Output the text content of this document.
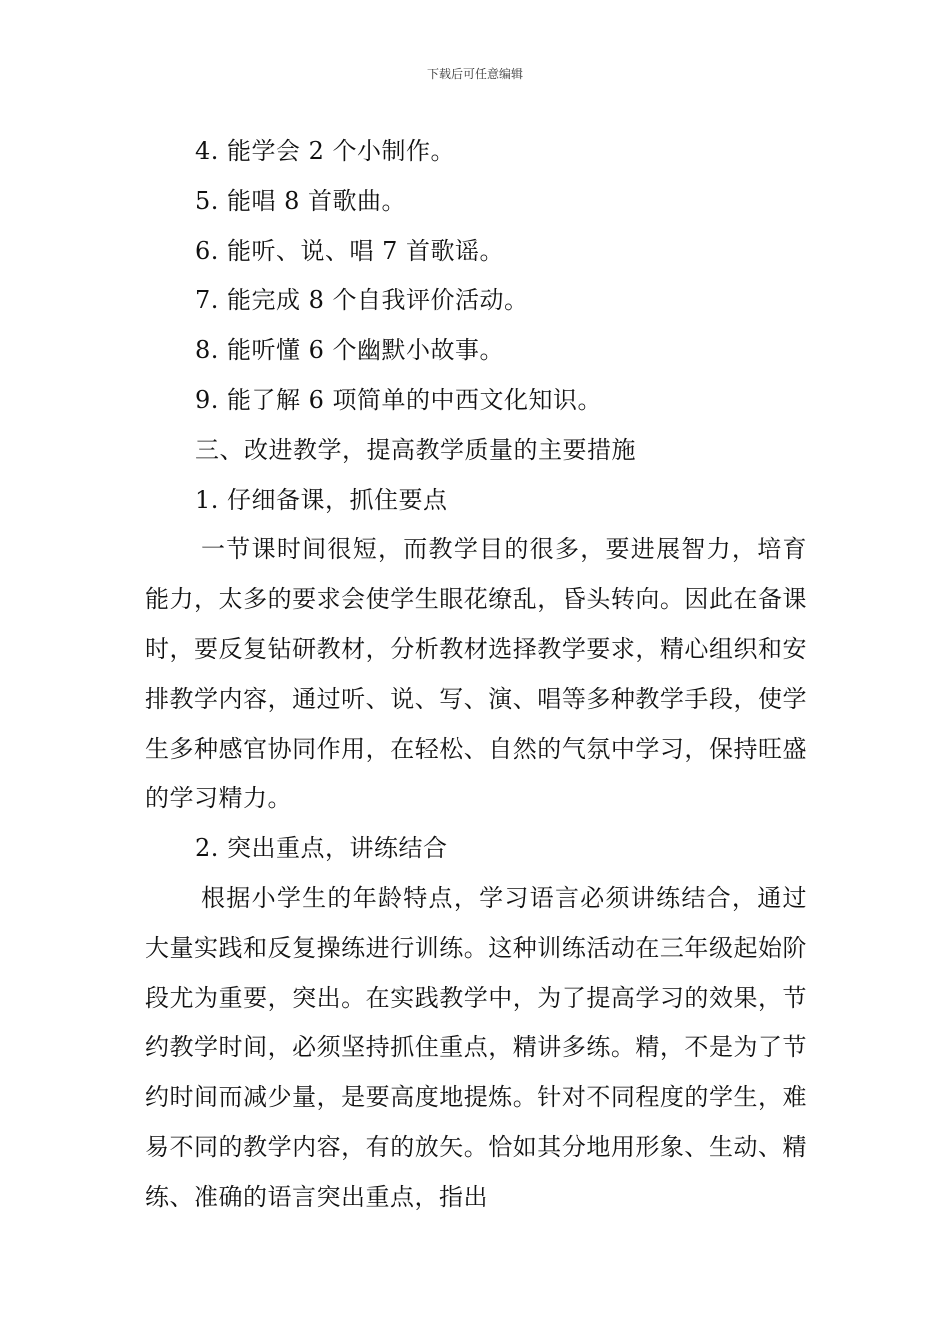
下载后可任意编辑

4. 能学会 2 个小制作。

5. 能唱 8 首歌曲。

6. 能听、说、唱 7 首歌谣。

7. 能完成 8 个自我评价活动。

8. 能听懂 6 个幽默小故事。

9. 能了解 6 项简单的中西文化知识。

三、改进教学，提高教学质量的主要措施

1. 仔细备课，抓住要点

一节课时间很短，而教学目的很多，要进展智力，培育能力，太多的要求会使学生眼花缭乱，昏头转向。因此在备课时，要反复钻研教材，分析教材选择教学要求，精心组织和安排教学内容，通过听、说、写、演、唱等多种教学手段，使学生多种感官协同作用，在轻松、自然的气氛中学习，保持旺盛的学习精力。

2. 突出重点，讲练结合

根据小学生的年龄特点，学习语言必须讲练结合，通过大量实践和反复操练进行训练。这种训练活动在三年级起始阶段尤为重要，突出。在实践教学中，为了提高学习的效果，节约教学时间，必须坚持抓住重点，精讲多练。精，不是为了节约时间而减少量，是要高度地提炼。针对不同程度的学生，难易不同的教学内容，有的放矢。恰如其分地用形象、生动、精练、准确的语言突出重点，指出
